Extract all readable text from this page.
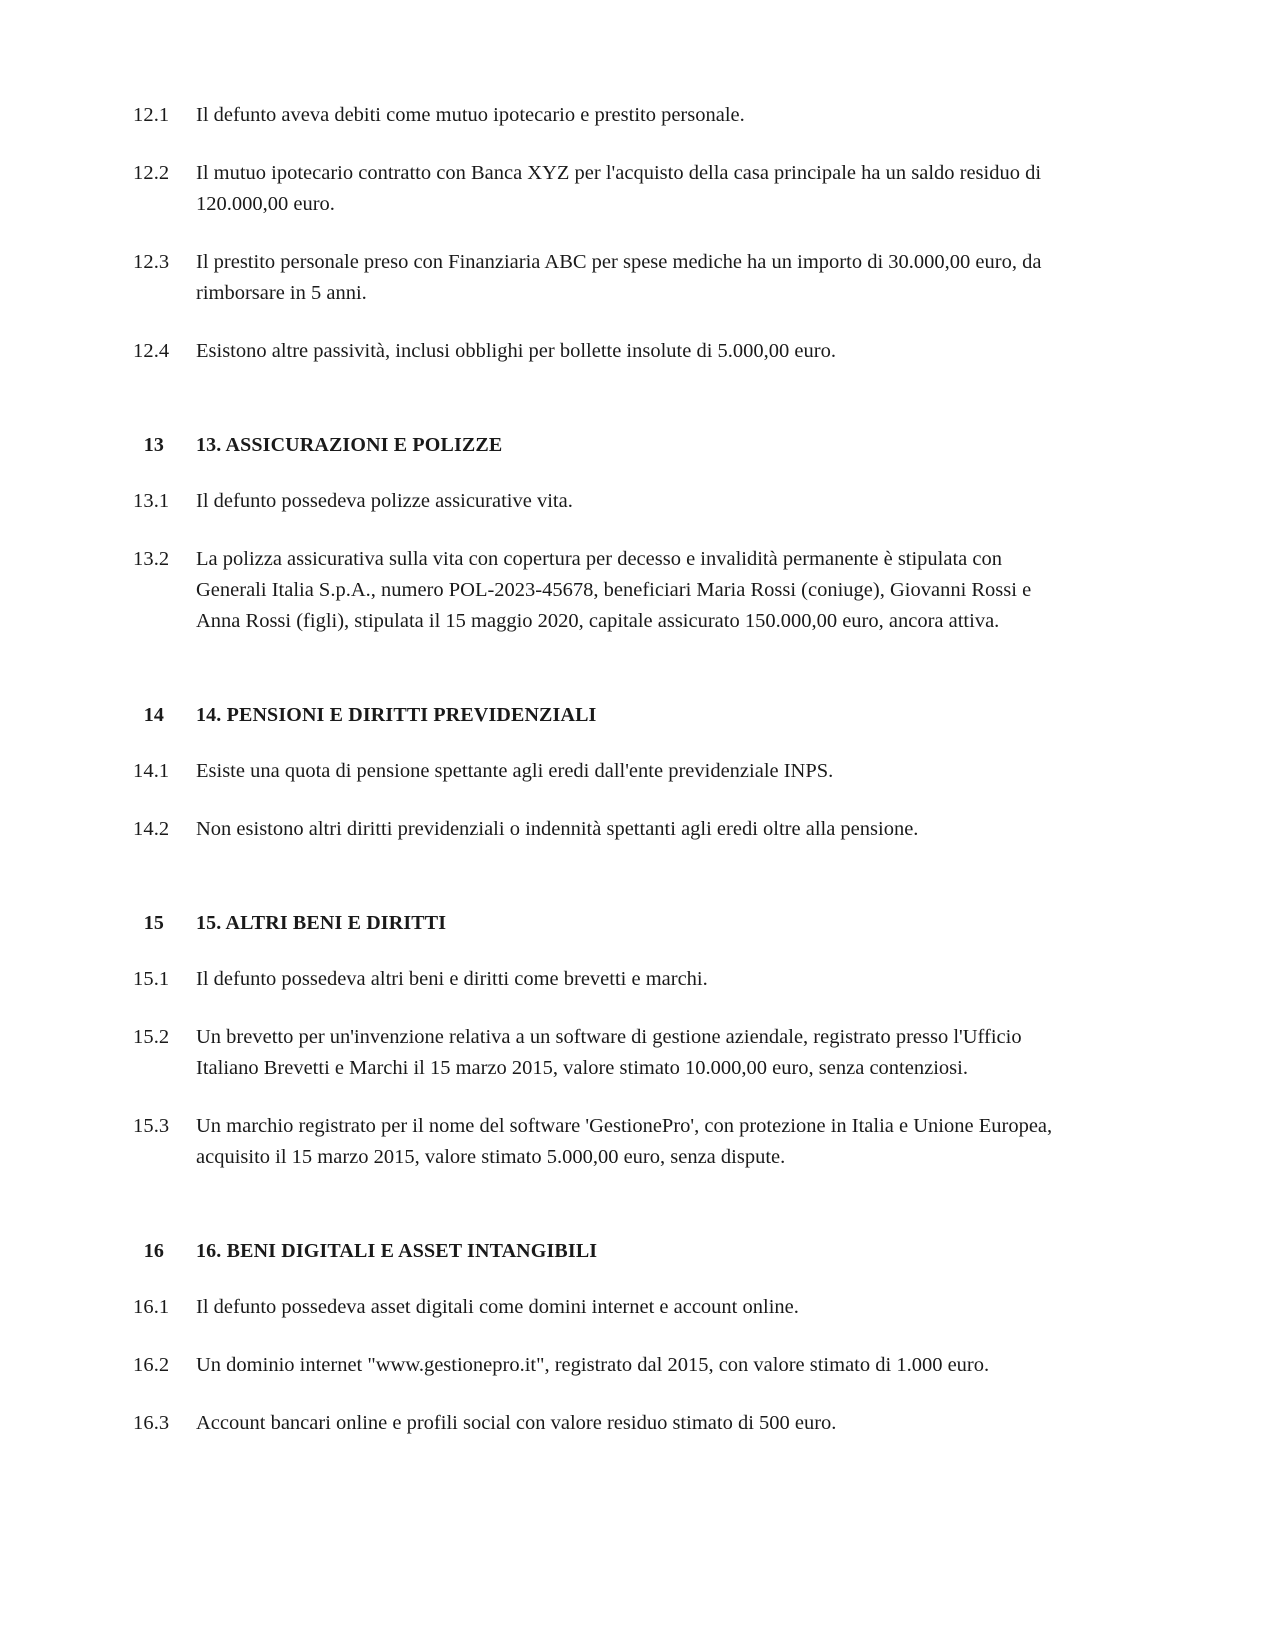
12.1	Il defunto aveva debiti come mutuo ipotecario e prestito personale.
12.2	Il mutuo ipotecario contratto con Banca XYZ per l'acquisto della casa principale ha un saldo residuo di 120.000,00 euro.
12.3	Il prestito personale preso con Finanziaria ABC per spese mediche ha un importo di 30.000,00 euro, da rimborsare in 5 anni.
12.4	Esistono altre passività, inclusi obblighi per bollette insolute di 5.000,00 euro.
13	13. ASSICURAZIONI E POLIZZE
13.1	Il defunto possedeva polizze assicurative vita.
13.2	La polizza assicurativa sulla vita con copertura per decesso e invalidità permanente è stipulata con Generali Italia S.p.A., numero POL-2023-45678, beneficiari Maria Rossi (coniuge), Giovanni Rossi e Anna Rossi (figli), stipulata il 15 maggio 2020, capitale assicurato 150.000,00 euro, ancora attiva.
14	14. PENSIONI E DIRITTI PREVIDENZIALI
14.1	Esiste una quota di pensione spettante agli eredi dall'ente previdenziale INPS.
14.2	Non esistono altri diritti previdenziali o indennità spettanti agli eredi oltre alla pensione.
15	15. ALTRI BENI E DIRITTI
15.1	Il defunto possedeva altri beni e diritti come brevetti e marchi.
15.2	Un brevetto per un'invenzione relativa a un software di gestione aziendale, registrato presso l'Ufficio Italiano Brevetti e Marchi il 15 marzo 2015, valore stimato 10.000,00 euro, senza contenziosi.
15.3	Un marchio registrato per il nome del software 'GestionePro', con protezione in Italia e Unione Europea, acquisito il 15 marzo 2015, valore stimato 5.000,00 euro, senza dispute.
16	16. BENI DIGITALI E ASSET INTANGIBILI
16.1	Il defunto possedeva asset digitali come domini internet e account online.
16.2	Un dominio internet "www.gestionepro.it", registrato dal 2015, con valore stimato di 1.000 euro.
16.3	Account bancari online e profili social con valore residuo stimato di 500 euro.
